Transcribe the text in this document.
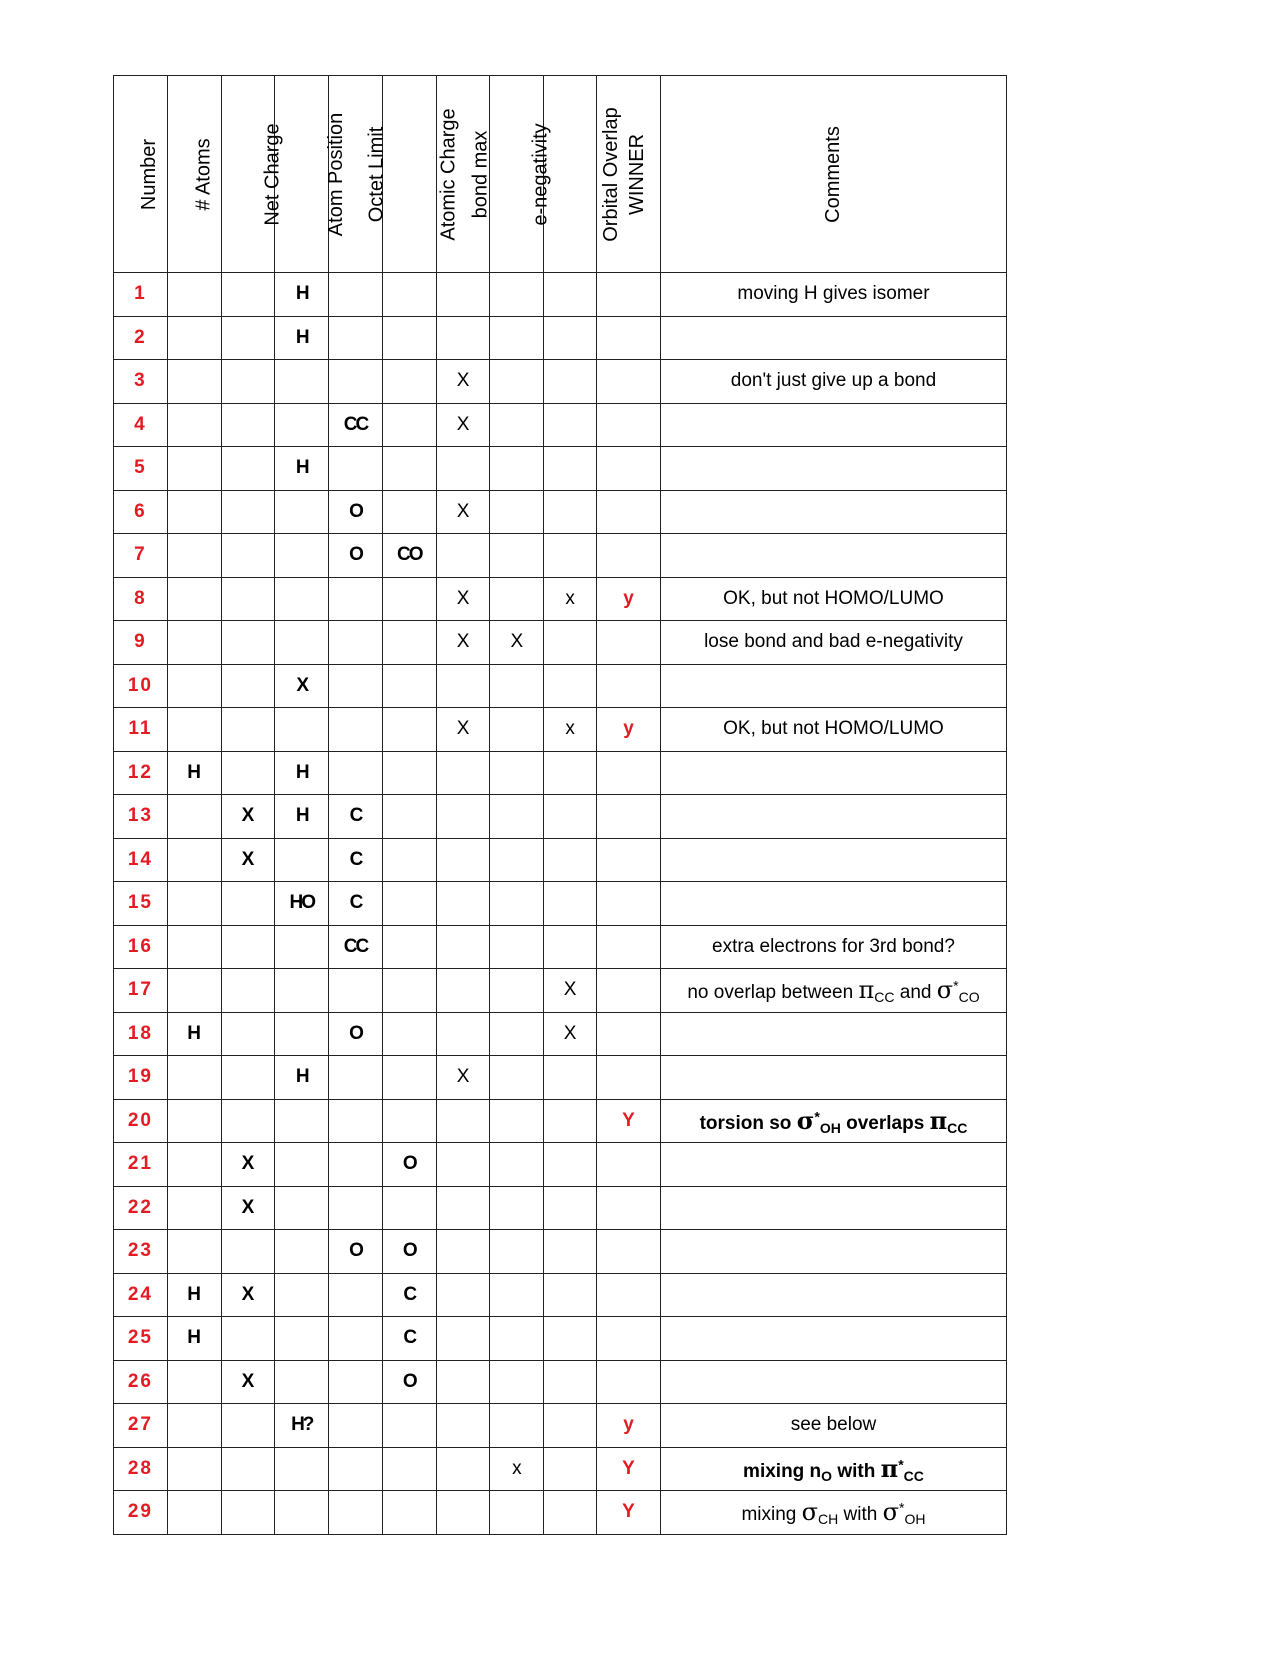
Number	# Atoms	Net Charge	Atom Position	Octet Limit	Atomic Charge	bond max	e-negativity	Orbital Overlap	WINNER	Comments
1			H							moving H gives isomer
2			H							
3						X				don't just give up a bond
4				CC		X				
5			H							
6				O		X				
7				O	CO					
8						X		x	y	OK, but not HOMO/LUMO
9						X	X			lose bond and bad e-negativity
10			X							
11						X		x	y	OK, but not HOMO/LUMO
12	H		H							
13		X	H	C						
14		X		C						
15			HO	C						
16				CC						extra electrons for 3rd bond?
17								X		no overlap between $\pi_{CC}$ and $\sigma^*_{CO}$
18	H			O				X		
19			H			X				
20									Y	torsion so $\sigma^*_{OH}$ overlaps $\pi_{CC}$
21		X			O					
22		X								
23				O	O					
24	H	X			C					
25	H				C					
26		X			O					
27			H?						y	see below
28							x		Y	mixing $n_O$ with $\pi^*_{CC}$
29									Y	mixing $\sigma_{CH}$ with $\sigma^*_{OH}$
